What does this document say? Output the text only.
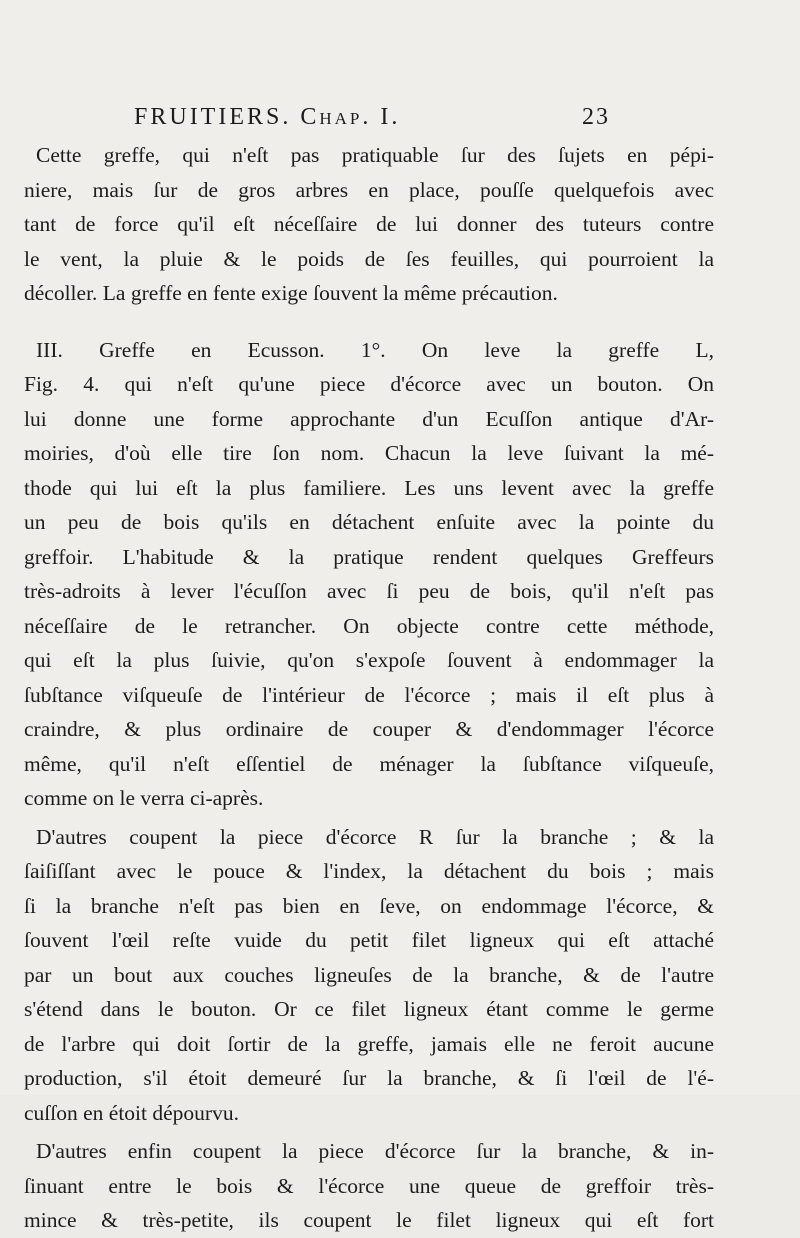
FRUITIERS. Chap. I.	23
Cette greffe, qui n'eſt pas pratiquable ſur des ſujets en pépi-
niere, mais ſur de gros arbres en place, pouſſe quelquefois avec
tant de force qu'il eſt néceſſaire de lui donner des tuteurs contre
le vent, la pluie & le poids de ſes feuilles, qui pourroient la
décoller. La greffe en fente exige ſouvent la même précaution.
III. Greffe en Ecusson. 1°. On leve la greffe L,
Fig. 4. qui n'eſt qu'une piece d'écorce avec un bouton. On
lui donne une forme approchante d'un Ecuſſon antique d'Ar-
moiries, d'où elle tire ſon nom. Chacun la leve ſuivant la mé-
thode qui lui eſt la plus familiere. Les uns levent avec la greffe
un peu de bois qu'ils en détachent enſuite avec la pointe du
greffoir. L'habitude & la pratique rendent quelques Greffeurs
très-adroits à lever l'écuſſon avec ſi peu de bois, qu'il n'eſt pas
néceſſaire de le retrancher. On objecte contre cette méthode,
qui eſt la plus ſuivie, qu'on s'expoſe ſouvent à endommager la
ſubſtance viſqueuſe de l'intérieur de l'écorce ; mais il eſt plus à
craindre, & plus ordinaire de couper & d'endommager l'écorce
même, qu'il n'eſt eſſentiel de ménager la ſubſtance viſqueuſe,
comme on le verra ci-après.
D'autres coupent la piece d'écorce R ſur la branche ; & la
ſaiſiſſant avec le pouce & l'index, la détachent du bois ; mais
ſi la branche n'eſt pas bien en ſeve, on endommage l'écorce, &
ſouvent l'œil reſte vuide du petit filet ligneux qui eſt attaché
par un bout aux couches ligneuſes de la branche, & de l'autre
s'étend dans le bouton. Or ce filet ligneux étant comme le germe
de l'arbre qui doit ſortir de la greffe, jamais elle ne feroit aucune
production, s'il étoit demeuré ſur la branche, & ſi l'œil de l'é-
cuſſon en étoit dépourvu.
D'autres enfin coupent la piece d'écorce ſur la branche, & in-
ſinuant entre le bois & l'écorce une queue de greffoir très-
mince & très-petite, ils coupent le filet ligneux qui eſt fort
